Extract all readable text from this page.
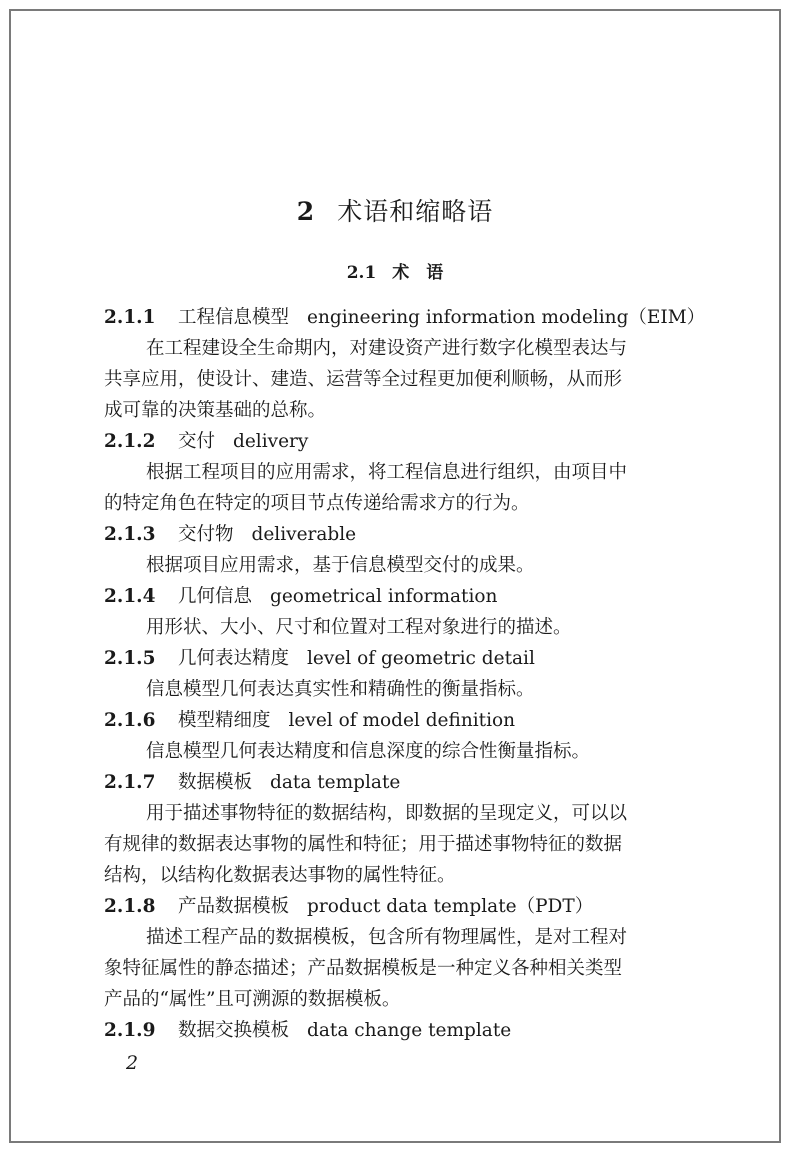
2 术语和缩略语
2.1 术　语
2.1.1 工程信息模型 engineering information modeling（EIM）
在工程建设全生命期内，对建设资产进行数字化模型表达与
共享应用，使设计、建造、运营等全过程更加便利顺畅，从而形
成可靠的决策基础的总称。
2.1.2 交付 delivery
根据工程项目的应用需求，将工程信息进行组织，由项目中
的特定角色在特定的项目节点传递给需求方的行为。
2.1.3 交付物 deliverable
根据项目应用需求，基于信息模型交付的成果。
2.1.4 几何信息 geometrical information
用形状、大小、尺寸和位置对工程对象进行的描述。
2.1.5 几何表达精度 level of geometric detail
信息模型几何表达真实性和精确性的衡量指标。
2.1.6 模型精细度 level of model definition
信息模型几何表达精度和信息深度的综合性衡量指标。
2.1.7 数据模板 data template
用于描述事物特征的数据结构，即数据的呈现定义，可以以
有规律的数据表达事物的属性和特征；用于描述事物特征的数据
结构，以结构化数据表达事物的属性特征。
2.1.8 产品数据模板 product data template（PDT）
描述工程产品的数据模板，包含所有物理属性，是对工程对
象特征属性的静态描述；产品数据模板是一种定义各种相关类型
产品的“属性”且可溯源的数据模板。
2.1.9 数据交换模板 data change template
2
